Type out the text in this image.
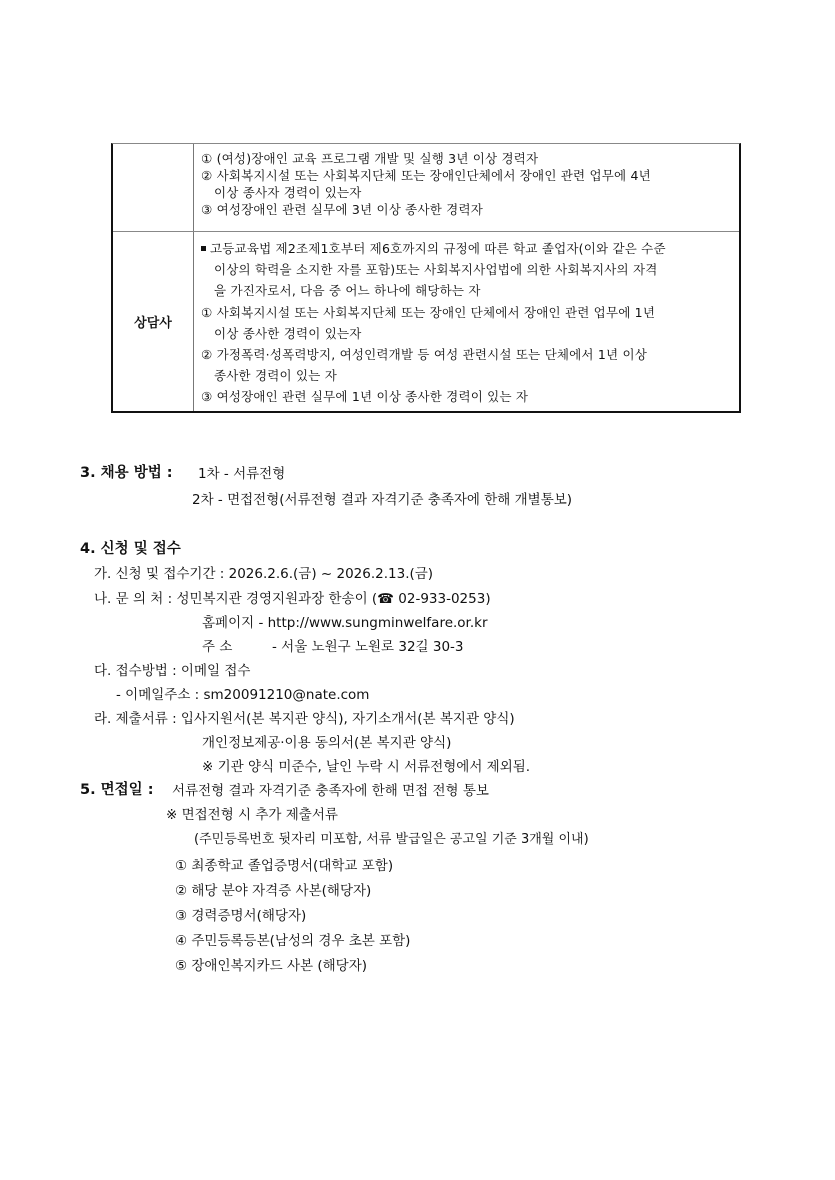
① (여성)장애인 교육 프로그램 개발 및 실행 3년 이상 경력자
② 사회복지시설 또는 사회복지단체 또는 장애인단체에서 장애인 관련 업무에 4년
이상 종사자 경력이 있는자
③ 여성장애인 관련 실무에 3년 이상 종사한 경력자
상담사
고등교육법 제2조제1호부터 제6호까지의 규정에 따른 학교 졸업자(이와 같은 수준
이상의 학력을 소지한 자를 포함)또는 사회복지사업법에 의한 사회복지사의 자격
을 가진자로서, 다음 중 어느 하나에 해당하는 자
① 사회복지시설 또는 사회복지단체 또는 장애인 단체에서 장애인 관련 업무에 1년
이상 종사한 경력이 있는자
② 가정폭력·성폭력방지, 여성인력개발 등 여성 관련시설 또는 단체에서 1년 이상
종사한 경력이 있는 자
③ 여성장애인 관련 실무에 1년 이상 종사한 경력이 있는 자
3. 채용 방법 : 1차 - 서류전형
2차 - 면접전형(서류전형 결과 자격기준 충족자에 한해 개별통보)
4. 신청 및 접수
가. 신청 및 접수기간 : 2026.2.6.(금) ~ 2026.2.13.(금)
나. 문 의 처 : 성민복지관 경영지원과장 한송이 (☎ 02-933-0253)
홈페이지 - http://www.sungminwelfare.or.kr
주 소	- 서울 노원구 노원로 32길 30-3
다. 접수방법 : 이메일 접수
- 이메일주소 : sm20091210@nate.com
라. 제출서류 : 입사지원서(본 복지관 양식), 자기소개서(본 복지관 양식)
개인정보제공·이용 동의서(본 복지관 양식)
※ 기관 양식 미준수, 날인 누락 시 서류전형에서 제외됨.
5. 면접일 : 서류전형 결과 자격기준 충족자에 한해 면접 전형 통보
※ 면접전형 시 추가 제출서류
(주민등록번호 뒷자리 미포함, 서류 발급일은 공고일 기준 3개월 이내)
① 최종학교 졸업증명서(대학교 포함)
② 해당 분야 자격증 사본(해당자)
③ 경력증명서(해당자)
④ 주민등록등본(남성의 경우 초본 포함)
⑤ 장애인복지카드 사본 (해당자)
